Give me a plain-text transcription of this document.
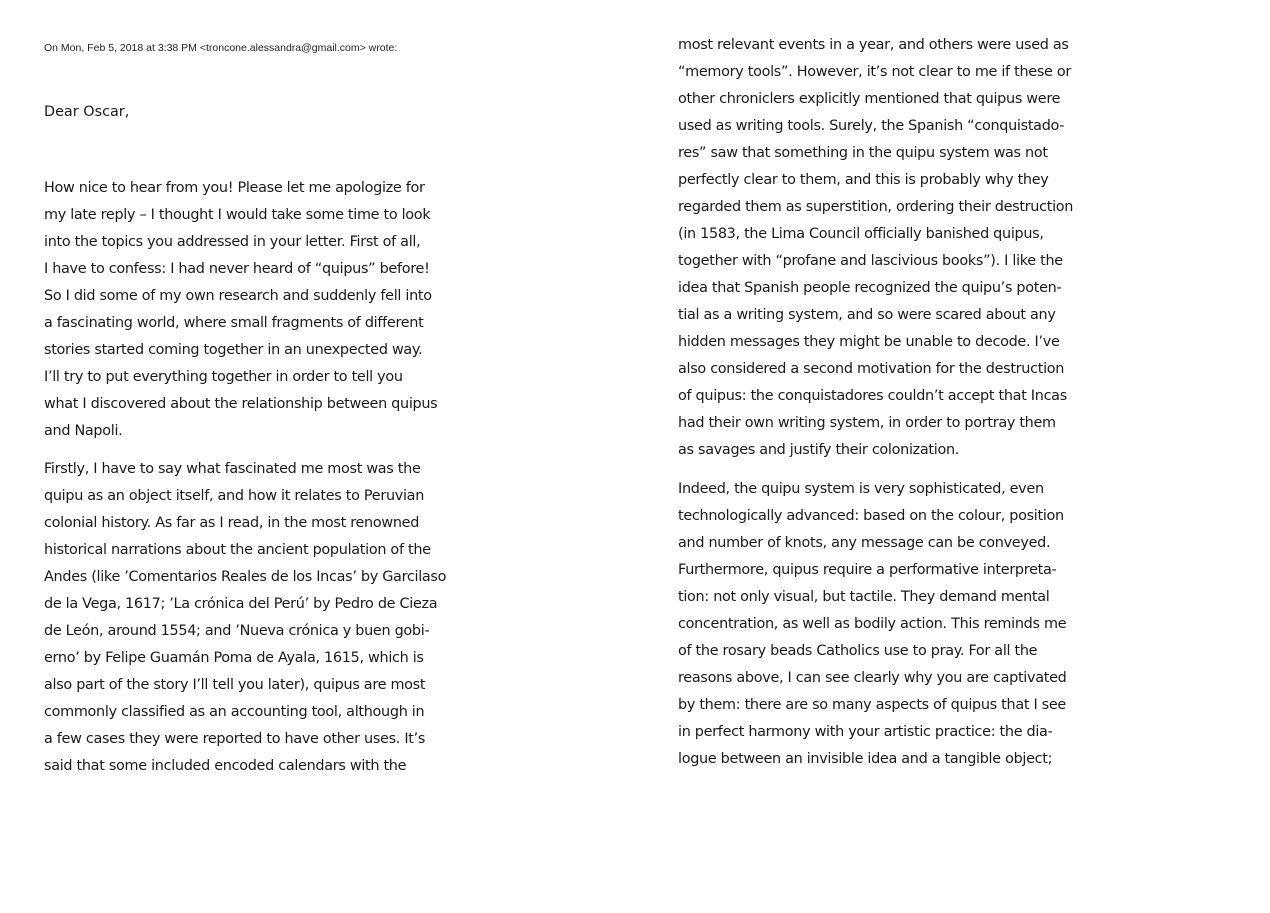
On Mon, Feb 5, 2018 at 3:38 PM <troncone.alessandra@gmail.com> wrote:
Dear Oscar,
How nice to hear from you! Please let me apologize for
my late reply – I thought I would take some time to look
into the topics you addressed in your letter. First of all,
I have to confess: I had never heard of “quipus” before!
So I did some of my own research and suddenly fell into
a fascinating world, where small fragments of different
stories started coming together in an unexpected way.
I’ll try to put everything together in order to tell you
what I discovered about the relationship between quipus
and Napoli.
Firstly, I have to say what fascinated me most was the
quipu as an object itself, and how it relates to Peruvian
colonial history. As far as I read, in the most renowned
historical narrations about the ancient population of the
Andes (like ’Comentarios Reales de los Incas’ by Garcilaso
de la Vega, 1617; ’La crónica del Perú’ by Pedro de Cieza
de León, around 1554; and ’Nueva crónica y buen gobi-
erno’ by Felipe Guamán Poma de Ayala, 1615, which is
also part of the story I’ll tell you later), quipus are most
commonly classified as an accounting tool, although in
a few cases they were reported to have other uses. It’s
said that some included encoded calendars with the
most relevant events in a year, and others were used as
“memory tools”. However, it’s not clear to me if these or
other chroniclers explicitly mentioned that quipus were
used as writing tools. Surely, the Spanish “conquistado-
res” saw that something in the quipu system was not
perfectly clear to them, and this is probably why they
regarded them as superstition, ordering their destruction
(in 1583, the Lima Council officially banished quipus,
together with “profane and lascivious books”). I like the
idea that Spanish people recognized the quipu’s poten-
tial as a writing system, and so were scared about any
hidden messages they might be unable to decode. I’ve
also considered a second motivation for the destruction
of quipus: the conquistadores couldn’t accept that Incas
had their own writing system, in order to portray them
as savages and justify their colonization.
Indeed, the quipu system is very sophisticated, even
technologically advanced: based on the colour, position
and number of knots, any message can be conveyed.
Furthermore, quipus require a performative interpreta-
tion: not only visual, but tactile. They demand mental
concentration, as well as bodily action. This reminds me
of the rosary beads Catholics use to pray. For all the
reasons above, I can see clearly why you are captivated
by them: there are so many aspects of quipus that I see
in perfect harmony with your artistic practice: the dia-
logue between an invisible idea and a tangible object;
